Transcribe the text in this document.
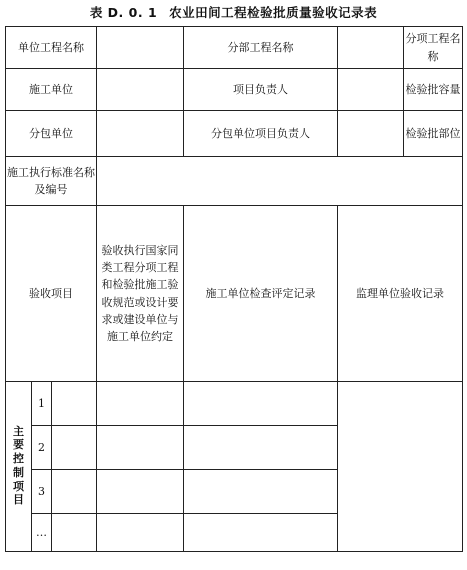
表 D. 0. 1 农业田间工程检验批质量验收记录表
单位工程名称				分部工程名称		分项工程名称
施工单位				项目负责人		检验批容量
分包单位				分包单位项目负责人		检验批部位
施工执行标准名称及编号						
验收项目			验收执行国家同类工程分项工程和检验批施工验收规范或设计要求或建设单位与施工单位约定	施工单位检查评定记录	监理单位验收记录	
主要控制项目	1					
	2					
	3					
	…					
